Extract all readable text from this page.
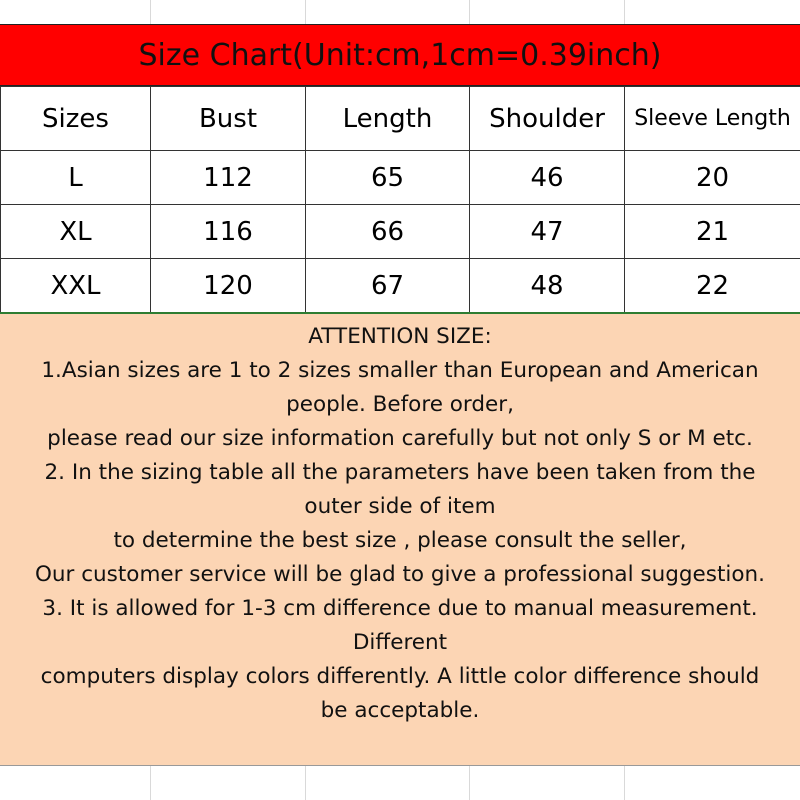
Size Chart(Unit:cm,1cm=0.39inch)
Sizes	Bust	Length	Shoulder	Sleeve Length
L	112	65	46	20
XL	116	66	47	21
XXL	120	67	48	22
ATTENTION SIZE:
1.Asian sizes are 1 to 2 sizes smaller than European and American
people. Before order,
please read our size information carefully but not only S or M etc.
2. In the sizing table all the parameters have been taken from the
outer side of item
to determine the best size , please consult the seller,
Our customer service will be glad to give a professional suggestion.
3. It is allowed for 1-3 cm difference due to manual measurement.
Different
computers display colors differently. A little color difference should
be acceptable.
